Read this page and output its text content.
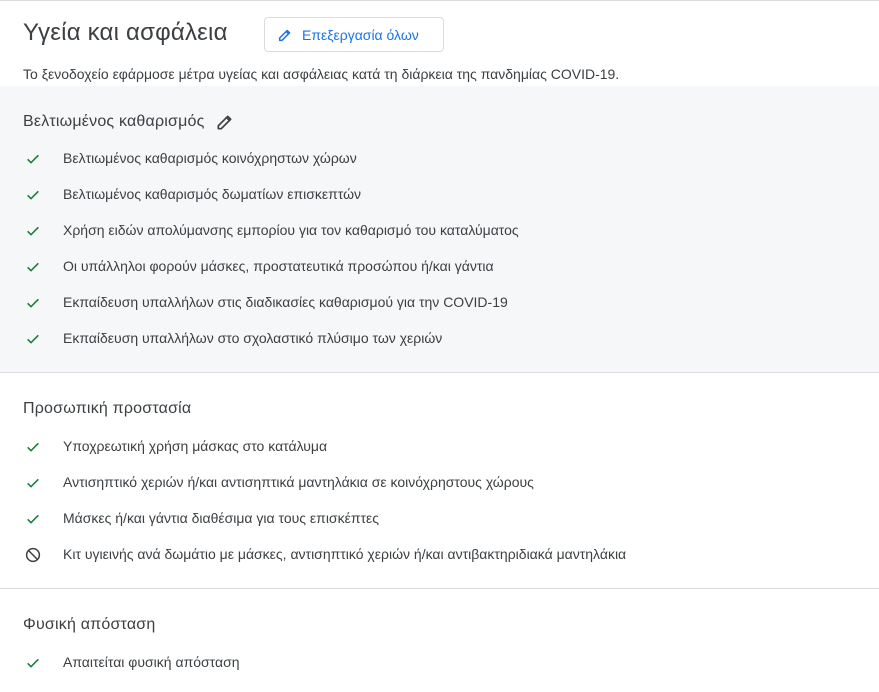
Υγεία και ασφάλεια	Επεξεργασία όλων
Το ξενοδοχείο εφάρμοσε μέτρα υγείας και ασφάλειας κατά τη διάρκεια της πανδημίας COVID-19.
Βελτιωμένος καθαρισμός
Βελτιωμένος καθαρισμός κοινόχρηστων χώρων
Βελτιωμένος καθαρισμός δωματίων επισκεπτών
Χρήση ειδών απολύμανσης εμπορίου για τον καθαρισμό του καταλύματος
Οι υπάλληλοι φορούν μάσκες, προστατευτικά προσώπου ή/και γάντια
Εκπαίδευση υπαλλήλων στις διαδικασίες καθαρισμού για την COVID-19
Εκπαίδευση υπαλλήλων στο σχολαστικό πλύσιμο των χεριών
Προσωπική προστασία
Υποχρεωτική χρήση μάσκας στο κατάλυμα
Αντισηπτικό χεριών ή/και αντισηπτικά μαντηλάκια σε κοινόχρηστους χώρους
Μάσκες ή/και γάντια διαθέσιμα για τους επισκέπτες
Κιτ υγιεινής ανά δωμάτιο με μάσκες, αντισηπτικό χεριών ή/και αντιβακτηριδιακά μαντηλάκια
Φυσική απόσταση
Απαιτείται φυσική απόσταση
